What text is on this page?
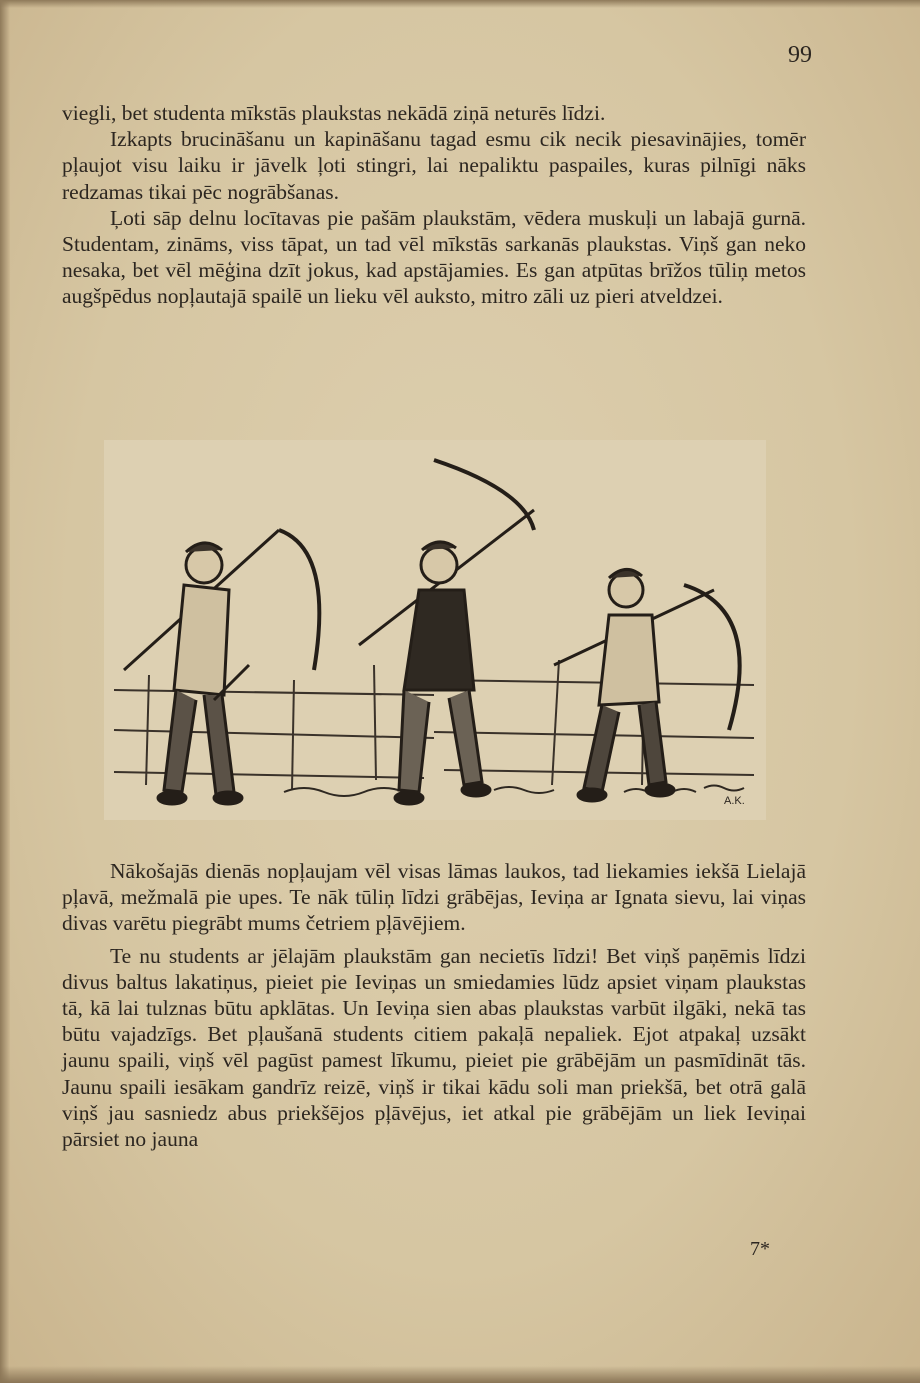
99

viegli, bet studenta mīkstās plaukstas nekādā ziņā neturēs līdzi.

Izkapts brucināšanu un kapināšanu tagad esmu cik necik piesavinājies, tomēr pļaujot visu laiku ir jāvelk ļoti stingri, lai nepaliktu paspailes, kuras pilnīgi nāks redzamas tikai pēc nogrābšanas.

Ļoti sāp delnu locītavas pie pašām plaukstām, vēdera muskuļi un labajā gurnā. Studentam, zināms, viss tāpat, un tad vēl mīkstās sarkanās plaukstas. Viņš gan neko nesaka, bet vēl mēģina dzīt jokus, kad apstājamies. Es gan atpūtas brīžos tūliņ metos augšpēdus nopļautajā spailē un lieku vēl auksto, mitro zāli uz pieri atveldzei.

A.K.

Nākošajās dienās nopļaujam vēl visas lāmas laukos, tad liekamies iekšā Lielajā pļavā, mežmalā pie upes. Te nāk tūliņ līdzi grābējas, Ieviņa ar Ignata sievu, lai viņas divas varētu piegrābt mums četriem pļāvējiem.

Te nu students ar jēlajām plaukstām gan necietīs līdzi! Bet viņš paņēmis līdzi divus baltus lakatiņus, pieiet pie Ieviņas un smiedamies lūdz apsiet viņam plaukstas tā, kā lai tulznas būtu apklātas. Un Ieviņa sien abas plaukstas varbūt ilgāki, nekā tas būtu vajadzīgs. Bet pļaušanā students citiem pakaļā nepaliek. Ejot atpakaļ uzsākt jaunu spaili, viņš vēl pagūst pamest līkumu, pieiet pie grābējām un pasmīdināt tās. Jaunu spaili iesākam gandrīz reizē, viņš ir tikai kādu soli man priekšā, bet otrā galā viņš jau sasniedz abus priekšējos pļāvējus, iet atkal pie grābējām un liek Ieviņai pārsiet no jauna

7*
